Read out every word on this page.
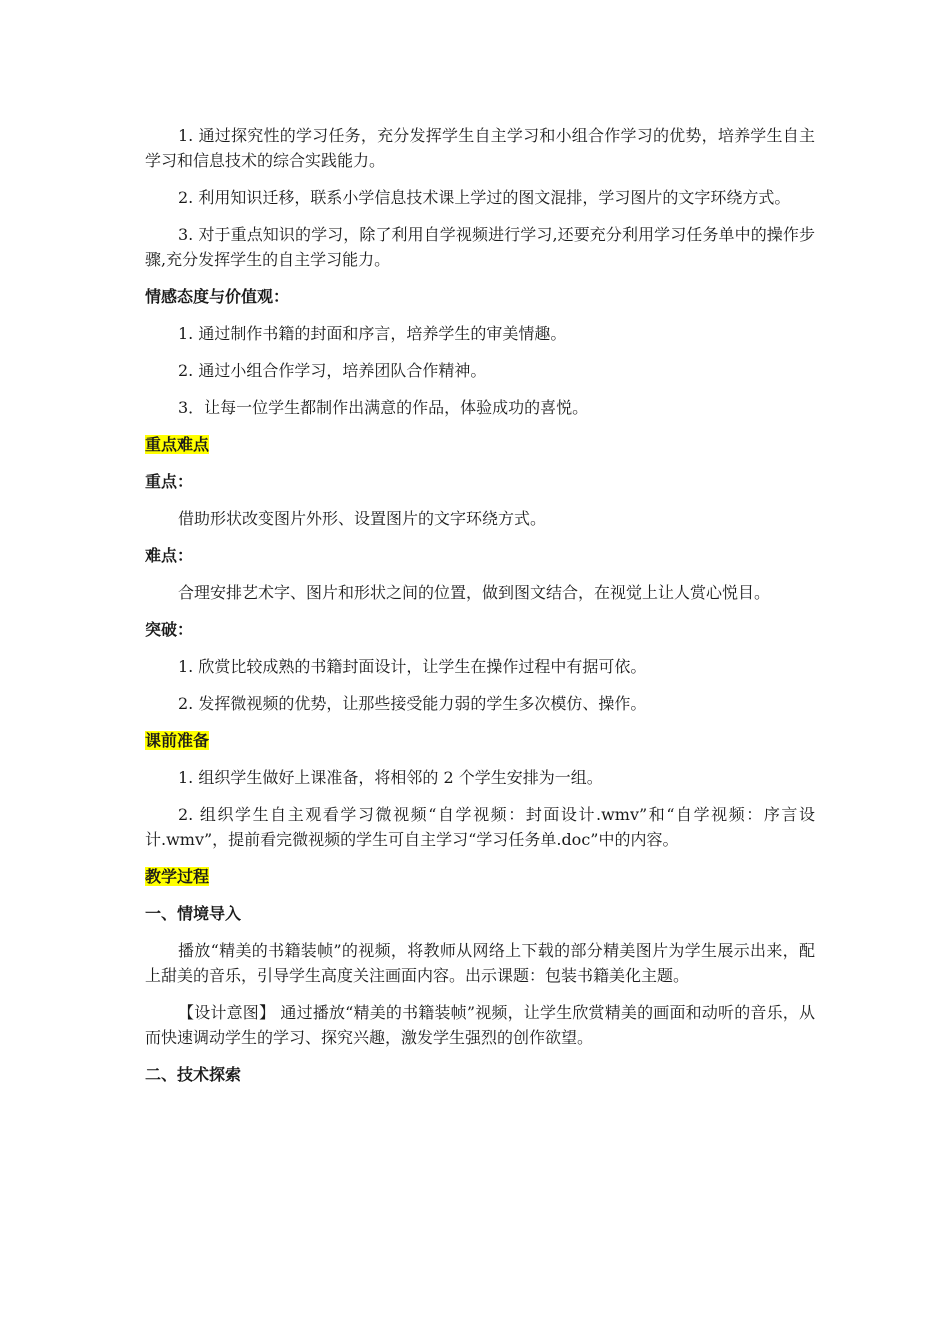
1. 通过探究性的学习任务，充分发挥学生自主学习和小组合作学习的优势，培养学生自主学习和信息技术的综合实践能力。

2. 利用知识迁移，联系小学信息技术课上学过的图文混排，学习图片的文字环绕方式。

3. 对于重点知识的学习，除了利用自学视频进行学习,还要充分利用学习任务单中的操作步骤,充分发挥学生的自主学习能力。

情感态度与价值观：

1. 通过制作书籍的封面和序言，培养学生的审美情趣。

2. 通过小组合作学习，培养团队合作精神。

3．让每一位学生都制作出满意的作品，体验成功的喜悦。

重点难点

重点：

借助形状改变图片外形、设置图片的文字环绕方式。

难点：

合理安排艺术字、图片和形状之间的位置，做到图文结合，在视觉上让人赏心悦目。

突破：

1. 欣赏比较成熟的书籍封面设计，让学生在操作过程中有据可依。

2. 发挥微视频的优势，让那些接受能力弱的学生多次模仿、操作。

课前准备

1. 组织学生做好上课准备，将相邻的 2 个学生安排为一组。

2. 组织学生自主观看学习微视频“自学视频：封面设计.wmv”和“自学视频：序言设计.wmv”，提前看完微视频的学生可自主学习“学习任务单.doc”中的内容。

教学过程

一、情境导入

播放“精美的书籍装帧”的视频，将教师从网络上下载的部分精美图片为学生展示出来，配上甜美的音乐，引导学生高度关注画面内容。出示课题：包装书籍美化主题。

【设计意图】 通过播放“精美的书籍装帧”视频，让学生欣赏精美的画面和动听的音乐，从而快速调动学生的学习、探究兴趣，激发学生强烈的创作欲望。

二、技术探索
